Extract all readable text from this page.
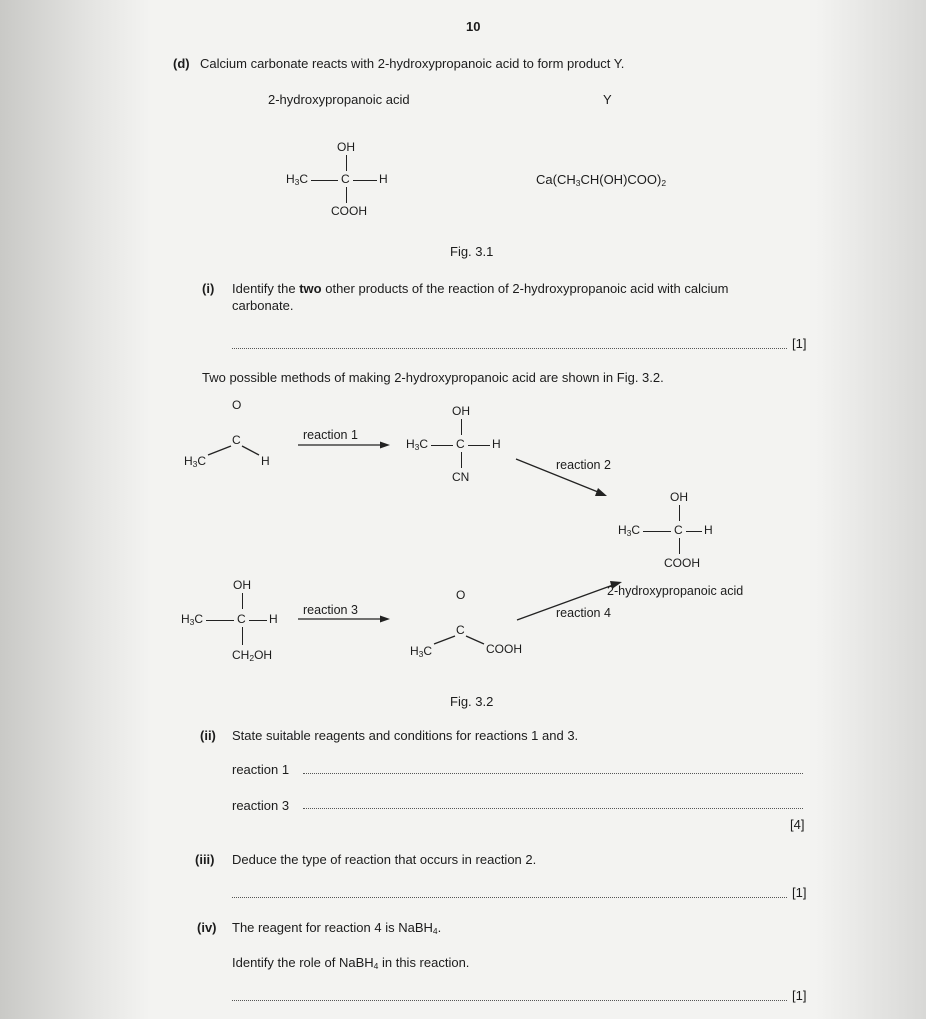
10
(d) Calcium carbonate reacts with 2-hydroxypropanoic acid to form product Y.
2-hydroxypropanoic acid	Y
OH
$H_3C$	C H
COOH
$Ca(CH_3CH(OH)COO)_2$
Fig. 3.1
(i) Identify the two other products of the reaction of 2-hydroxypropanoic acid with calcium
carbonate.
[1]
Two possible methods of making 2-hydroxypropanoic acid are shown in Fig. 3.2.
O
C
$H_3C$	H
reaction 1
OH
$H_3C$ C H
CN
reaction 2
OH
$H_3C$	C H
COOH
2-hydroxypropanoic acid
reaction 4
OH
$H_3C$	C H
$CH_2OH$
reaction 3
O
C
$H_3C$	COOH
Fig. 3.2
(ii) State suitable reagents and conditions for reactions 1 and 3.
reaction 1
reaction 3
[4]
(iii) Deduce the type of reaction that occurs in reaction 2.
[1]
(iv) The reagent for reaction 4 is NaBH$_4$.
Identify the role of NaBH$_4$ in this reaction.
[1]
